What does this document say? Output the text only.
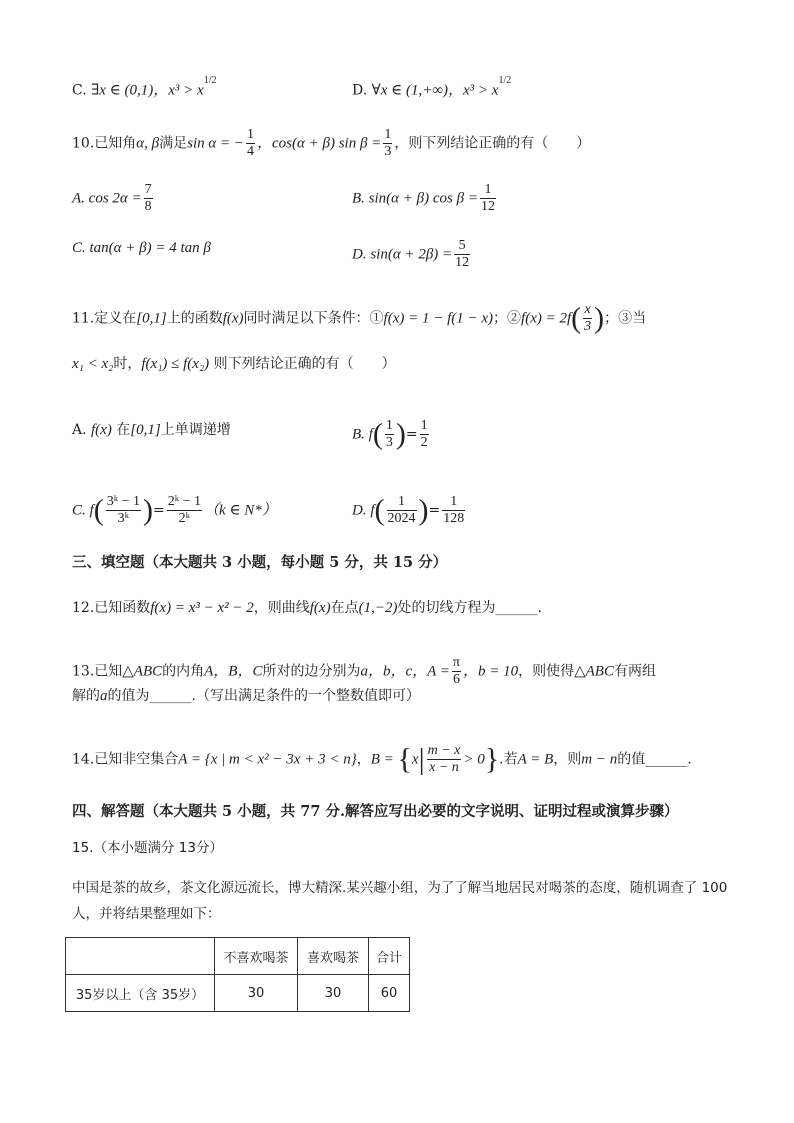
C. ∃x ∈ (0,1)，$x^3 > x^{1/2}$
D. ∀x ∈ (1,+∞)，$x^3 > x^{1/2}$
10.已知角α, β满足sin α = − $\frac{1}{4}$ ，cos(α + β) $\sin \beta = \frac{1}{3}$ ，则下列结论正确的有（　　）
A. $\cos 2\alpha = \frac{7}{8}$	B. sin(α + β) $\cos \beta = \frac{1}{12}$
C. tan(α + β) = 4 tan β	D. $\sin(\alpha + 2\beta) = \frac{5}{12}$
11.定义在[0,1]上的函数f(x)同时满足以下条件：①f(x) = 1 − f(1 − x)；②f(x) = $2f( \frac{x}{3}$ )；③当
x₁ < x₂时，f(x₁) ≤ f(x₂) 则下列结论正确的有（　　）
A. f(x) 在[0,1]上单调递增	B. $f( \frac{1}{3}$ )= $\frac{1}{2}$
C. $f( \frac{\text{3ᵏ − 1}}{\text{3ᵏ}}$ )= $\frac{\text{2ᵏ − 1}}{\text{2ᵏ}} (k$ ∈ N*）	D. $f( \frac{1}{2024}$ )= $\frac{1}{128}$
三、填空题（本大题共 3 小题，每小题 5 分，共 15 分）
12.已知函数f(x) = x³ − x² − 2，则曲线f(x)在点(1,−2)处的切线方程为______.
13.已知△ABC的内角A，B，C所对的边分别为a，b，c，$A = \frac{\pi}{6}$ ，b = 10，则使得△ABC有两组
解的a的值为______.（写出满足条件的一个整数值即可）
14.已知非空集合A = {x | m < x² − 3x + 3 < n}，$B = \{x| \frac{m - x}{x - n} > 0\}$.若A = B，则m − n的值______.
四、解答题（本大题共 5 小题，共 77 分.解答应写出必要的文字说明、证明过程或演算步骤）
15.（本小题满分 13分）
中国是茶的故乡，茶文化源远流长，博大精深.某兴趣小组，为了了解当地居民对喝茶的态度，随机调查了 100
人，并将结果整理如下：
	不喜欢喝茶	喜欢喝茶	合计
35岁以上（含 35岁）	30	30	60
